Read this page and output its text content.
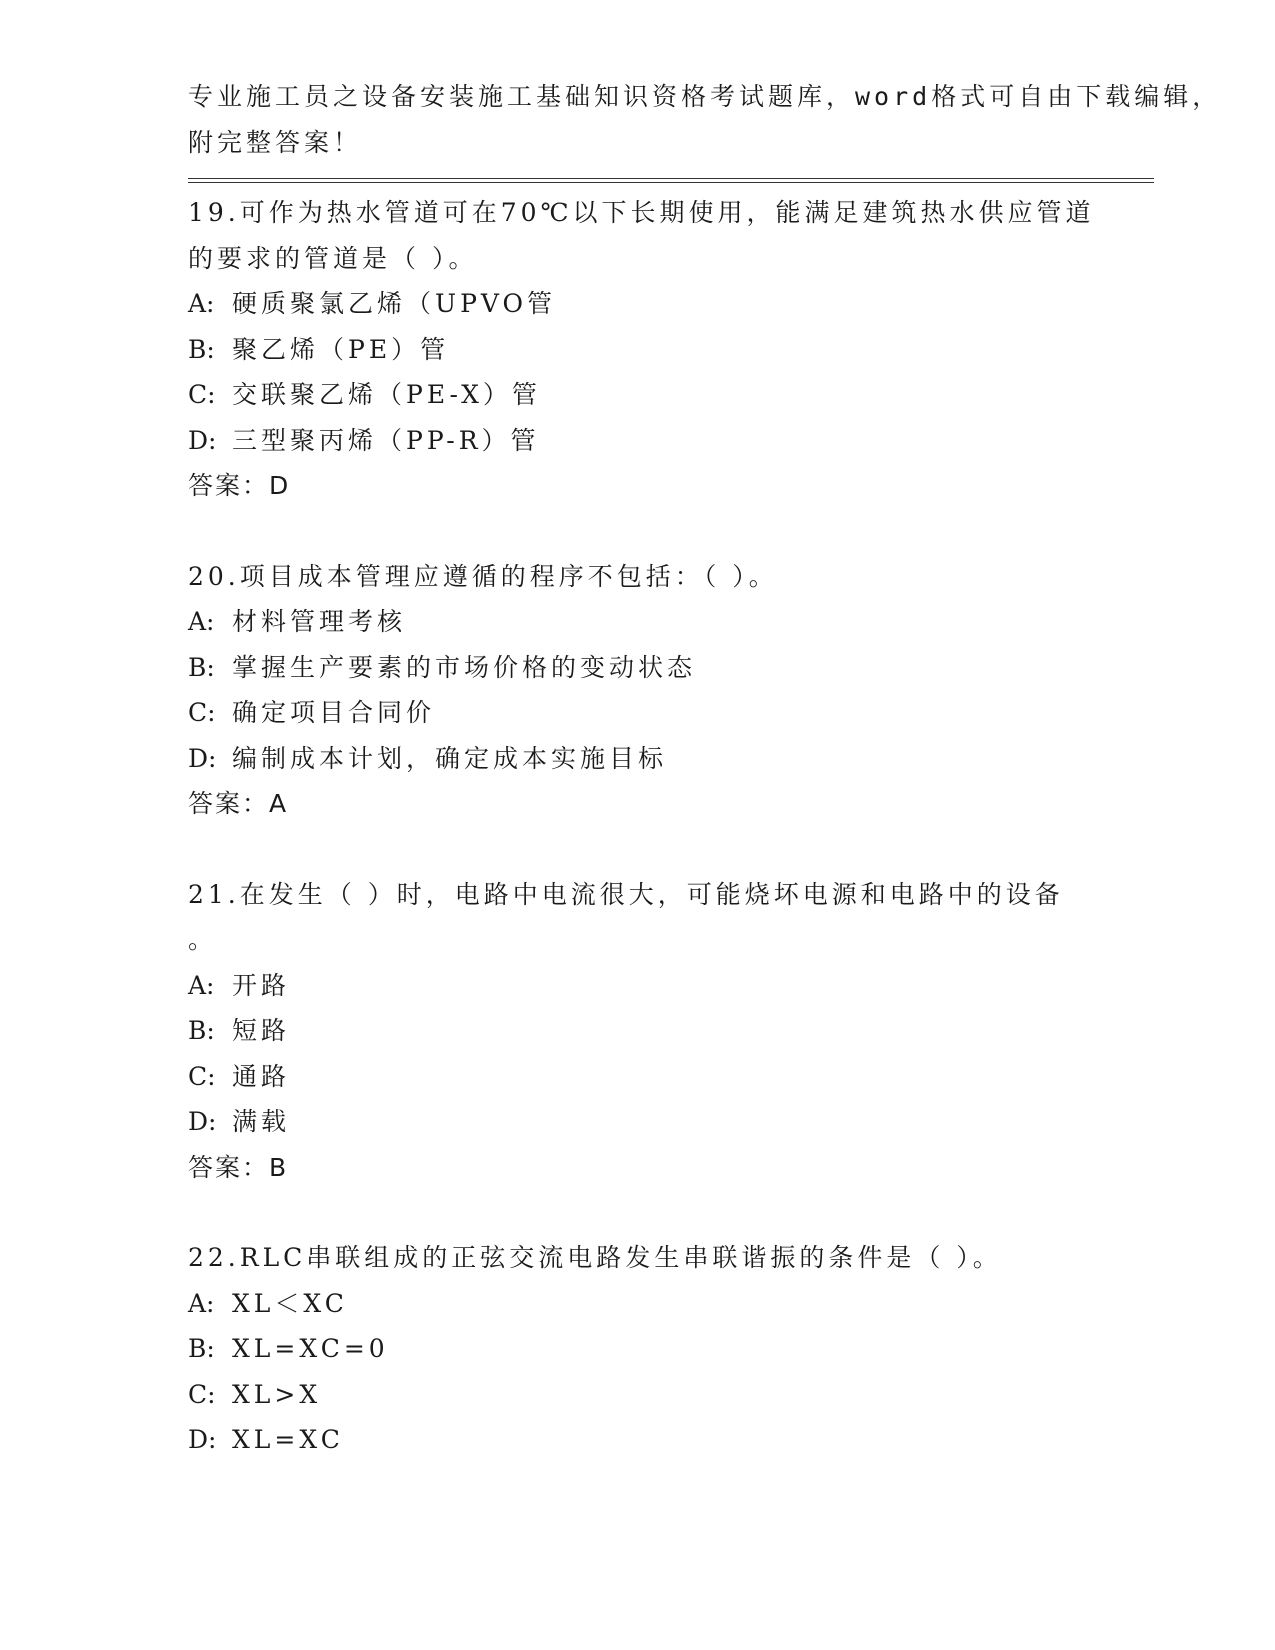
专业施工员之设备安装施工基础知识资格考试题库，word格式可自由下载编辑，
附完整答案！
19.可作为热水管道可在70℃以下长期使用，能满足建筑热水供应管道
的要求的管道是（ ）。
A: 硬质聚氯乙烯（UPVO管
B: 聚乙烯（PE）管
C: 交联聚乙烯（PE-X）管
D: 三型聚丙烯（PP-R）管
答案：D
20.项目成本管理应遵循的程序不包括：（ ）。
A: 材料管理考核
B: 掌握生产要素的市场价格的变动状态
C: 确定项目合同价
D: 编制成本计划，确定成本实施目标
答案：A
21.在发生（ ）时，电路中电流很大，可能烧坏电源和电路中的设备
。
A: 开路
B: 短路
C: 通路
D: 满载
答案：B
22.RLC串联组成的正弦交流电路发生串联谐振的条件是（ ）。
A: XL＜XC
B: XL=XC=0
C: XL>X
D: XL=XC
